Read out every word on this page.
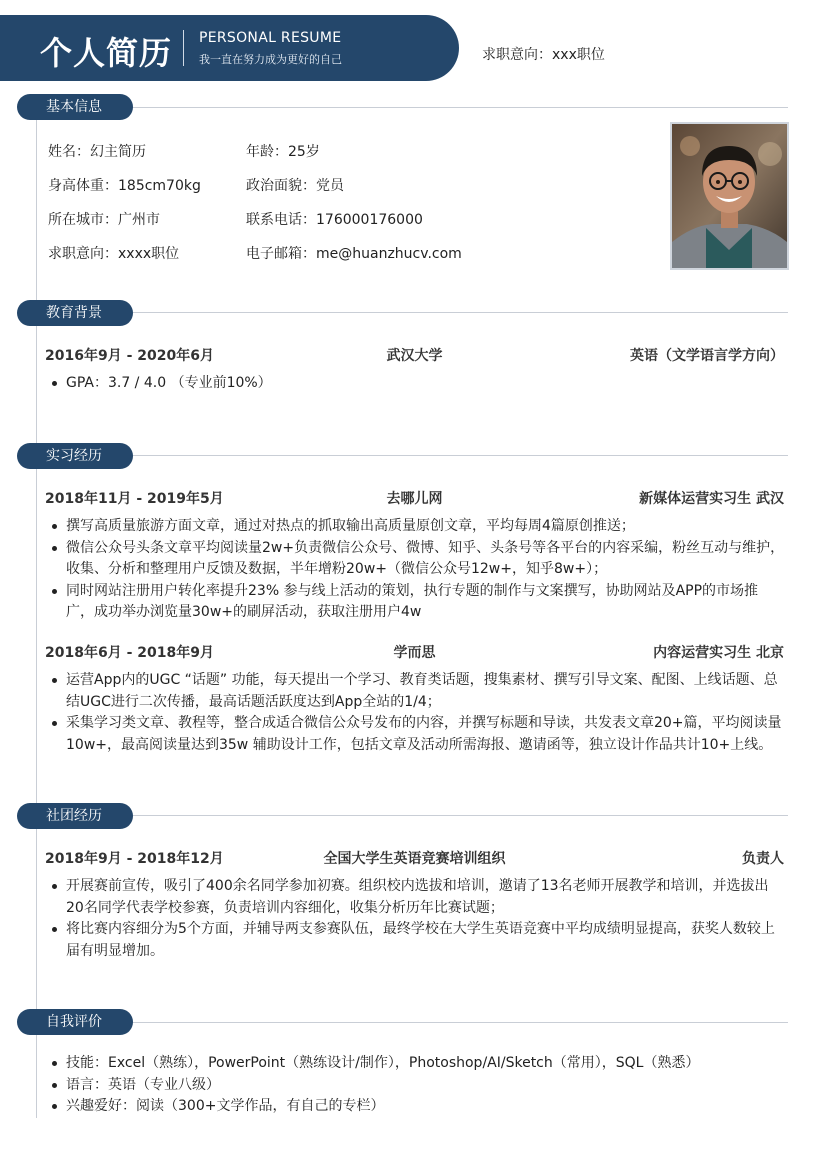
个人简历 PERSONAL RESUME
我一直在努力成为更好的自己	求职意向：xxx职位
基本信息
姓名：幻主简历	年龄：25岁
身高体重：185cm70kg	政治面貌：党员
所在城市：广州市	联系电话：176000176000
求职意向：xxxx职位	电子邮箱：me@huanzhucv.com
教育背景
2016年9月 - 2020年6月	武汉大学	英语（文学语言学方向）
GPA：3.7 / 4.0 （专业前10%）
实习经历
2018年11月 - 2019年5月	去哪儿网	新媒体运营实习生 武汉
撰写高质量旅游方面文章，通过对热点的抓取输出高质量原创文章，平均每周4篇原创推送；
微信公众号头条文章平均阅读量2w+负责微信公众号、微博、知乎、头条号等各平台的内容采编，粉丝互动与维护，收集、分析和整理用户反馈及数据，半年增粉20w+（微信公众号12w+，知乎8w+）；
同时网站注册用户转化率提升23% 参与线上活动的策划，执行专题的制作与文案撰写，协助网站及APP的市场推广，成功举办浏览量30w+的刷屏活动，获取注册用户4w
2018年6月 - 2018年9月	学而思	内容运营实习生 北京
运营App内的UGC “话题” 功能，每天提出一个学习、教育类话题，搜集素材、撰写引导文案、配图、上线话题、总结UGC进行二次传播，最高话题活跃度达到App全站的1/4；
采集学习类文章、教程等，整合成适合微信公众号发布的内容，并撰写标题和导读，共发表文章20+篇，平均阅读量10w+，最高阅读量达到35w 辅助设计工作，包括文章及活动所需海报、邀请函等，独立设计作品共计10+上线。
社团经历
2018年9月 - 2018年12月	全国大学生英语竞赛培训组织	负责人
开展赛前宣传，吸引了400余名同学参加初赛。组织校内选拔和培训，邀请了13名老师开展教学和培训，并选拔出20名同学代表学校参赛，负责培训内容细化，收集分析历年比赛试题；
将比赛内容细分为5个方面，并辅导两支参赛队伍，最终学校在大学生英语竞赛中平均成绩明显提高，获奖人数较上届有明显增加。
自我评价
技能：Excel（熟练），PowerPoint（熟练设计/制作），Photoshop/AI/Sketch（常用），SQL（熟悉）
语言：英语（专业八级）
兴趣爱好：阅读（300+文学作品，有自己的专栏）
